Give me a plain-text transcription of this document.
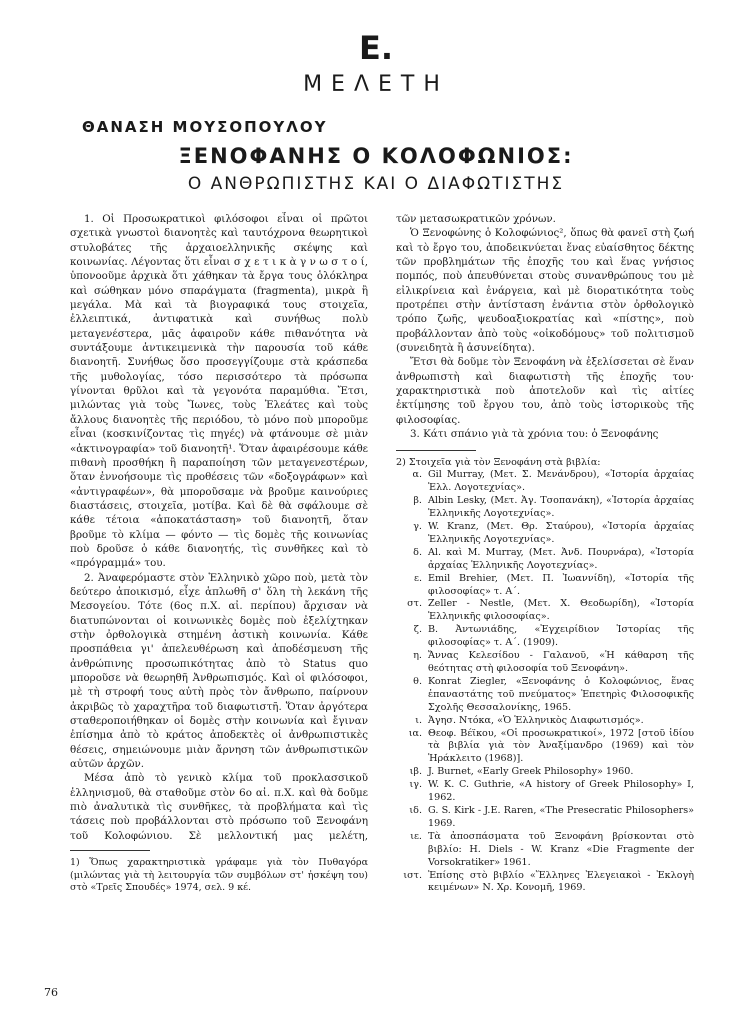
Ε.
ΜΕΛΕΤΗ
ΘΑΝΑΣΗ ΜΟΥΣΟΠΟΥΛΟΥ
ΞΕΝΟΦΑΝΗΣ Ο ΚΟΛΟΦΩΝΙΟΣ:
Ο ΑΝΘΡΩΠΙΣΤΗΣ ΚΑΙ Ο ΔΙΑΦΩΤΙΣΤΗΣ

1. Οἱ Προσωκρατικοὶ φιλόσοφοι εἶναι οἱ πρῶτοι σχετικὰ γνωστοὶ διανοητὲς καὶ ταυτόχρονα θεωρητικοὶ στυλοβάτες τῆς ἀρχαιοελληνικῆς σκέψης καὶ κοινωνίας. Λέγοντας ὅτι εἶναι σ χ ε τ ι κ ὰ γ ν ω σ τ ο ί, ὑπονοοῦμε ἀρχικὰ ὅτι χάθηκαν τὰ ἔργα τους ὁλόκληρα καὶ σώθηκαν μόνο σπαράγματα (fragmenta), μικρὰ ἢ μεγάλα. Μὰ καὶ τὰ βιογραφικά τους στοιχεῖα, ἐλλειπτικά, ἀντιφατικὰ καὶ συνήθως πολὺ μεταγενέστερα, μᾶς ἀφαιροῦν κάθε πιθανότητα νὰ συντάξουμε ἀντικειμενικὰ τὴν παρουσία τοῦ κάθε διανοητῆ. Συνήθως ὅσο προσεγγίζουμε στὰ κράσπεδα τῆς μυθολογίας, τόσο περισσότερο τὰ πρόσωπα γίνονται θρῦλοι καὶ τὰ γεγονότα παραμύθια. Ἔτσι, μιλώντας γιὰ τοὺς Ἴωνες, τοὺς Ἐλεάτες καὶ τοὺς ἄλλους διανοητὲς τῆς περιόδου, τὸ μόνο ποὺ μποροῦμε εἶναι (κοσκινίζοντας τὶς πηγές) νὰ φτάνουμε σὲ μιὰν «ἀκτινογραφία» τοῦ διανοητῆ¹. Ὅταν ἀφαιρέσουμε κάθε πιθανὴ προσθήκη ἢ παραποίηση τῶν μεταγενεστέρων, ὅταν ἐννοήσουμε τὶς προθέσεις τῶν «δοξογράφων» καὶ «ἀντιγραφέων», θὰ μποροῦσαμε νὰ βροῦμε καινούριες διαστάσεις, στοιχεῖα, μοτίβα. Καὶ δὲ θὰ σφάλουμε σὲ κάθε τέτοια «ἀποκατάσταση» τοῦ διανοητῆ, ὅταν βροῦμε τὸ κλίμα — φόντο — τὶς δομὲς τῆς κοινωνίας ποὺ δροῦσε ὁ κάθε διανοητής, τὶς συνθῆκες καὶ τὸ «πρόγραμμά» του.

2. Ἀναφερόμαστε στὸν Ἑλληνικὸ χῶρο ποὺ, μετὰ τὸν δεύτερο ἀποικισμό, εἶχε ἁπλωθῆ σ' ὅλη τὴ λεκάνη τῆς Μεσογείου. Τότε (6ος π.Χ. αἰ. περίπου) ἄρχισαν νὰ διατυπώνονται οἱ κοινωνικὲς δομὲς ποὺ ἐξελίχτηκαν στὴν ὀρθολογικὰ στημένη ἀστικὴ κοινωνία. Κάθε προσπάθεια γι' ἀπελευθέρωση καὶ ἀποδέσμευση τῆς ἀνθρώπινης προσωπικότητας ἀπὸ τὸ Status quo μποροῦσε νὰ θεωρηθῆ Ἀνθρωπισμός. Καὶ οἱ φιλόσοφοι, μὲ τὴ στροφή τους αὐτὴ πρὸς τὸν ἄνθρωπο, παίρνουν ἀκριβῶς τὸ χαραχτῆρα τοῦ διαφωτιστῆ. Ὅταν ἀργότερα σταθεροποιήθηκαν οἱ δομὲς στὴν κοινωνία καὶ ἔγιναν ἐπίσημα ἀπὸ τὸ κράτος ἀποδεκτὲς οἱ ἀνθρωπιστικὲς θέσεις, σημειώνουμε μιὰν ἄρνηση τῶν ἀνθρωπιστικῶν αὐτῶν ἀρχῶν.

Μέσα ἀπὸ τὸ γενικὸ κλίμα τοῦ προκλασσικοῦ ἑλληνισμοῦ, θὰ σταθοῦμε στὸν 6ο αἰ. π.Χ. καὶ θὰ δοῦμε πιὸ ἀναλυτικὰ τὶς συνθῆκες, τὰ προβλήματα καὶ τὶς τάσεις ποὺ προβάλλονται στὸ πρόσωπο τοῦ Ξενοφάνη τοῦ Κολοφώνιου. Σὲ μελλοντική μας μελέτη,

1) Ὅπως χαρακτηριστικὰ γράφαμε γιὰ τὸν Πυθαγόρα (μιλώντας γιὰ τὴ λειτουργία τῶν συμβόλων στ' ἠσκέψη του) στὸ «Τρεῖς Σπουδές» 1974, σελ. 9 κέ.

τῶν μετασωκρατικῶν χρόνων.

Ὁ Ξενοφώνης ὁ Κολοφώνιος², ὅπως θὰ φανεῖ στὴ ζωή καὶ τὸ ἔργο του, ἀποδεικνύεται ἕνας εὐαίσθητος δέκτης τῶν προβλημάτων τῆς ἐποχῆς του καὶ ἕνας γνήσιος πομπός, ποὺ ἀπευθύνεται στοὺς συνανθρώπους του μὲ εἰλικρίνεια καὶ ἐνάργεια, καὶ μὲ διορατικότητα τοὺς προτρέπει στὴν ἀντίσταση ἐνάντια στὸν ὀρθολογικὸ τρόπο ζωῆς, ψευδοαξιοκρατίας καὶ «πίστης», ποὺ προβάλλονταν ἀπὸ τοὺς «οἰκοδόμους» τοῦ πολιτισμοῦ (συνειδητὰ ἢ ἀσυνείδητα).

Ἔτσι θὰ δοῦμε τὸν Ξενοφάνη νὰ ἐξελίσσεται σὲ ἕναν ἀνθρωπιστὴ καὶ διαφωτιστὴ τῆς ἐποχῆς του· χαρακτηριστικὰ ποὺ ἀποτελοῦν καὶ τὶς αἰτίες ἐκτίμησης τοῦ ἔργου του, ἀπὸ τοὺς ἱστορικοὺς τῆς φιλοσοφίας.

3. Κάτι σπάνιο γιὰ τὰ χρόνια του: ὁ Ξενοφάνης

2) Στοιχεῖα γιὰ τὸν Ξενοφάνη στὰ βιβλία:
α. Gil Murray, (Μετ. Σ. Μενάνδρου), «Ἱστορία ἀρχαίας Ἑλλ. Λογοτεχνίας».
β. Albin Lesky, (Μετ. Ἀγ. Τσοπανάκη), «Ἱστορία ἀρχαίας Ἑλληνικῆς Λογοτεχνίας».
γ. W. Kranz, (Μετ. Θρ. Σταύρου), «Ἱστορία ἀρχαίας Ἑλληνικῆς Λογοτεχνίας».
δ. Al. καὶ M. Murray, (Μετ. Ἀνδ. Πουρνάρα), «Ἱστορία ἀρχαίας Ἑλληνικῆς Λογοτεχνίας».
ε. Emil Brehier, (Μετ. Π. Ἰωαννίδη), «Ἱστορία τῆς φιλοσοφίας» τ. Α΄.
στ. Zeller - Nestle, (Μετ. Χ. Θεοδωρίδη), «Ἱστορία Ἑλληνικῆς φιλοσοφίας».
ζ. Β. Ἀντωνιάδης, «Ἐγχειρίδιον Ἱστορίας τῆς φιλοσοφίας» τ. Α΄. (1909).
η. Ἄννας Κελεσίδου - Γαλανοῦ, «Ἡ κάθαρση τῆς θεότητας στὴ φιλοσοφία τοῦ Ξενοφάνη».
θ. Konrat Ziegler, «Ξενοφάνης ὁ Κολοφώνιος, ἕνας ἐπαναστάτης τοῦ πνεύματος» Ἐπετηρὶς Φιλοσοφικῆς Σχολῆς Θεσσαλονίκης, 1965.
ι. Ἀγησ. Ντόκα, «Ὁ Ἑλληνικὸς Διαφωτισμός».
ια. Θεοφ. Βέϊκου, «Οἱ προσωκρατικοί», 1972 [στοῦ ἰδίου τὰ βιβλία γιὰ τὸν Ἀναξίμανδρο (1969) καὶ τὸν Ἡράκλειτο (1968)].
ιβ. J. Burnet, «Early Greek Philosophy» 1960.
ιγ. W. K. C. Guthrie, «A history of Greek Philosophy» I, 1962.
ιδ. G. S. Kirk - J.E. Raren, «The Presecratic Philosophers» 1969.
ιε. Τὰ ἀποσπάσματα τοῦ Ξενοφάνη βρίσκονται στὸ βιβλίο: H. Diels - W. Kranz «Die Fragmente der Vorsokratiker» 1961.
ιστ. Ἐπίσης στὸ βιβλίο «Ἕλληνες Ἐλεγειακοὶ - Ἐκλογὴ κειμένων» Ν. Χρ. Κονομῆ, 1969.
76
